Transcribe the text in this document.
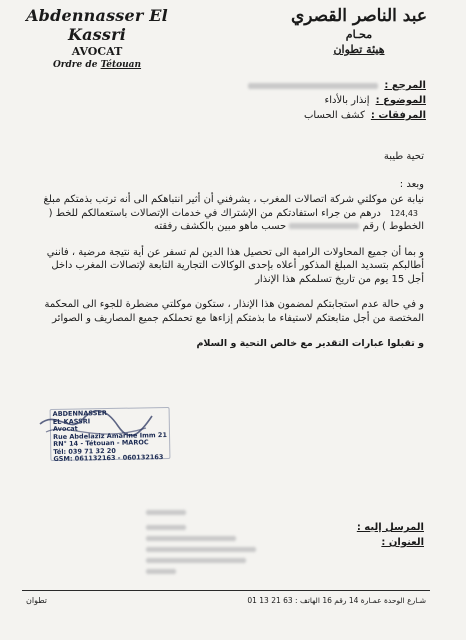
Abdennasser El Kassri
AVOCAT
Ordre de Tétouan
عبد الناصر القصري
محـام
هيئة تطوان
المرجع :
الموضوع :
إنذار بالأداء
المرفقات :
كشف الحساب

تحية طيبة

وبعد :

نيابة عن موكلتي شركة اتصالات المغرب ، يشرفني أن أثير انتباهكم الى أنه ترتب بذمتكم مبلغ 124,43 درهم من جراء استفادتكم من الإشتراك في خدمات الإتصالات باستعمالكم للخط ( الخطوط ) رقم  حسب ماهو مبين بالكشف رفقته

و بما أن جميع المحاولات الرامية الى تحصيل هذا الدين لم تسفر عن أية نتيجة مرضية ، فانني أطالبكم بتسديد المبلغ المذكور أعلاه بإحدى الوكالات التجارية التابعة لإتصالات المغرب داخل أجل 15 يوم من تاريخ تسلمكم هذا الإنذار

و في حالة عدم استجابتكم لمضمون هذا الإنذار ، ستكون موكلتي مضطرة للجوء الى المحكمة المختصة من أجل متابعتكم لاستيفاء ما بذمتكم إزاءها مع تحملكم جميع المصاريف و الصوائر

و تقبلوا عبارات التقدير مع خالص التحية و السلام

ABDENNASSER
EL KASSRI
Avocat
Rue Abdelaziz Amarine Imm 21
RN° 14 - Tétouan - MAROC
Tél: 039 71 32 20
GSM: 061132163 - 060132163
المرسل إليه :
العنوان :
تطوان	شـارع الوحدة عمـارة 14 رقم 16 الهاتف : 63 21 13 01
